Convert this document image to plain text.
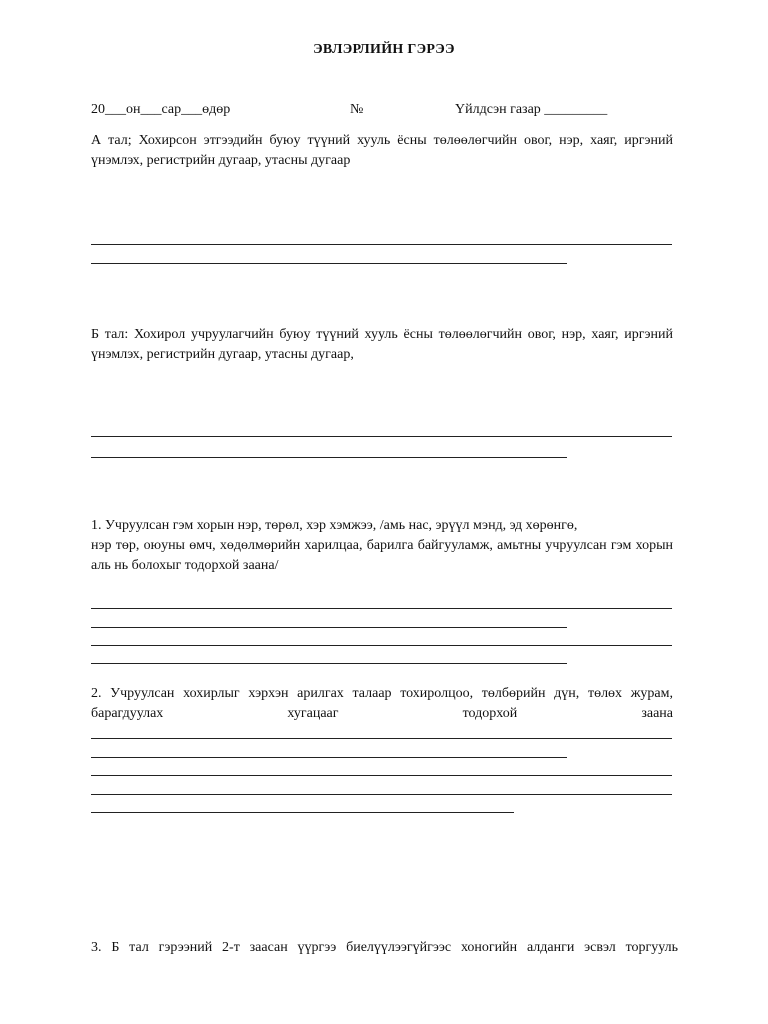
ЭВЛЭРЛИЙН ГЭРЭЭ
20___он___сар___өдөр	№	Үйлдсэн газар _________
А тал; Хохирсон этгээдийн буюу түүний хууль ёсны төлөөлөгчийн овог, нэр, хаяг, иргэний үнэмлэх, регистрийн дугаар, утасны дугаар
Б тал: Хохирол учруулагчийн буюу түүний хууль ёсны төлөөлөгчийн овог, нэр, хаяг, иргэний үнэмлэх, регистрийн дугаар, утасны дугаар,
1. Учруулсан гэм хорын нэр, төрөл, хэр хэмжээ, /амь нас, эрүүл мэнд, эд хөрөнгө,
нэр төр, оюуны өмч, хөдөлмөрийн харилцаа, барилга байгууламж, амьтны учруулсан гэм хорын аль нь болохыг тодорхой заана/
2. Учруулсан хохирлыг хэрхэн арилгах талаар тохиролцоо, төлбөрийн дүн, төлөх журам, барагдуулах хугацааг тодорхой заана
3. Б тал гэрээний 2-т заасан үүргээ биелүүлээгүйгээс хоногийн алданги эсвэл торгууль
